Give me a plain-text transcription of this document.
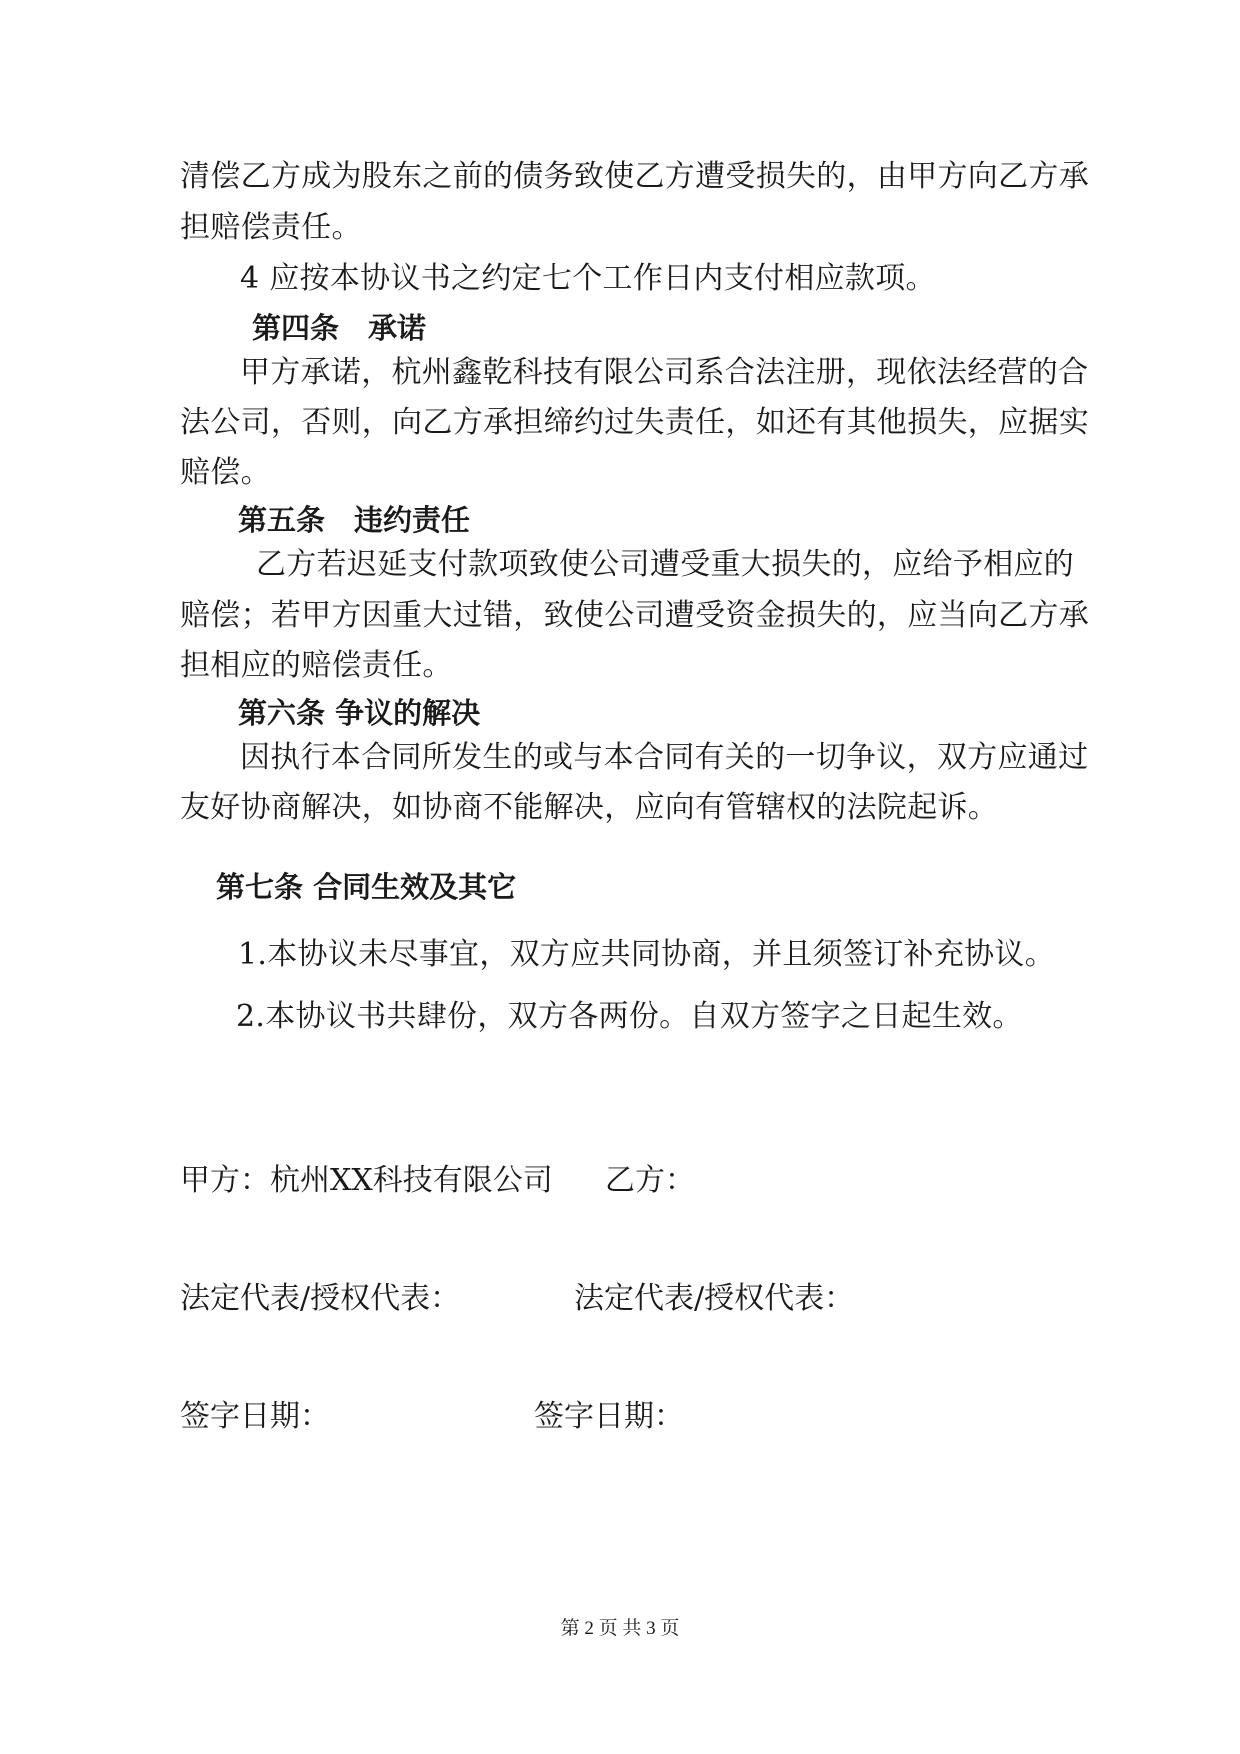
清偿乙方成为股东之前的债务致使乙方遭受损失的，由甲方向乙方承
担赔偿责任。
4 应按本协议书之约定七个工作日内支付相应款项。
第四条　承诺
甲方承诺，杭州鑫乾科技有限公司系合法注册，现依法经营的合
法公司，否则，向乙方承担缔约过失责任，如还有其他损失，应据实
赔偿。
第五条　违约责任
乙方若迟延支付款项致使公司遭受重大损失的，应给予相应的
赔偿；若甲方因重大过错，致使公司遭受资金损失的，应当向乙方承
担相应的赔偿责任。
第六条 争议的解决
因执行本合同所发生的或与本合同有关的一切争议，双方应通过
友好协商解决，如协商不能解决，应向有管辖权的法院起诉。
第七条 合同生效及其它
1.本协议未尽事宜，双方应共同协商，并且须签订补充协议。
2.本协议书共肆份，双方各两份。自双方签字之日起生效。
甲方：杭州XX科技有限公司 乙方：
法定代表/授权代表：	法定代表/授权代表：
签字日期：	签字日期：
第 2 页 共 3 页
